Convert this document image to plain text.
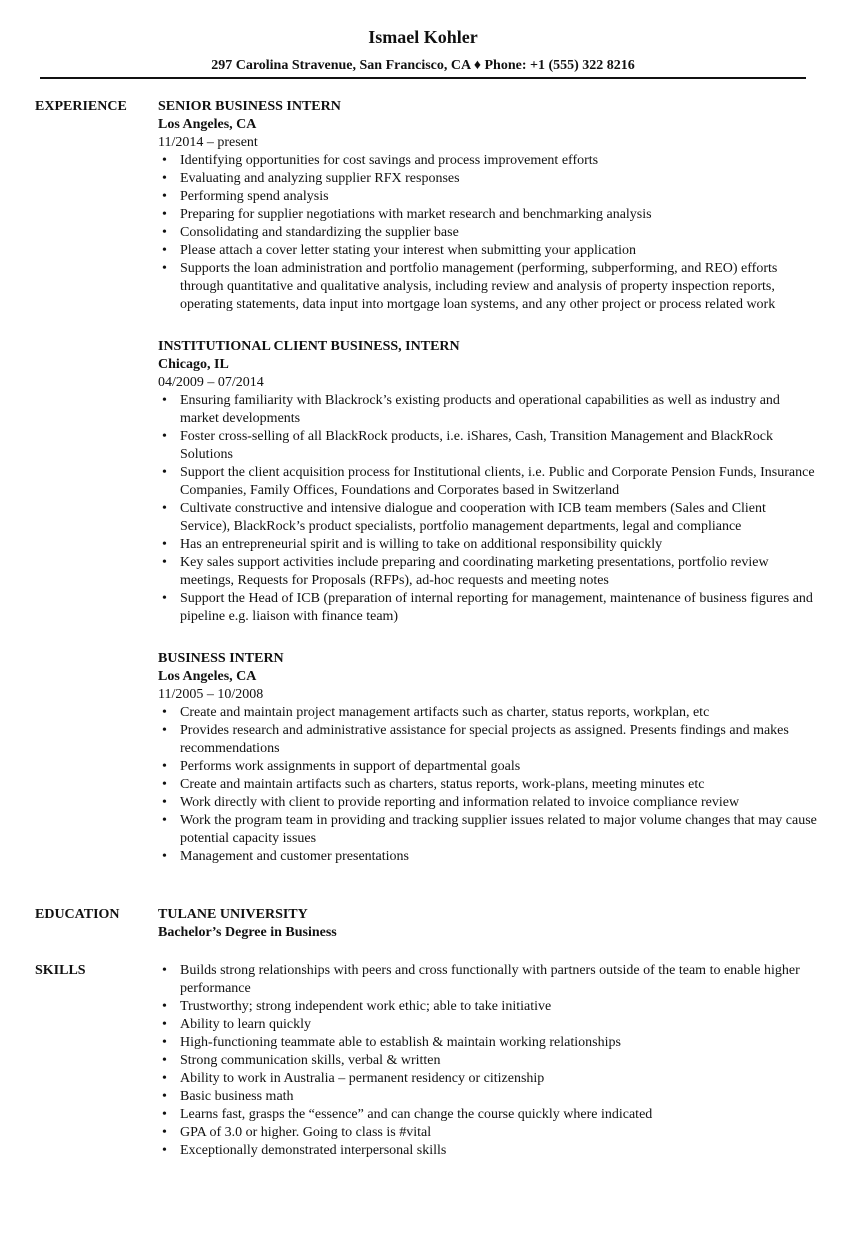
Ismael Kohler
297 Carolina Stravenue, San Francisco, CA ♦ Phone: +1 (555) 322 8216
EXPERIENCE	SENIOR BUSINESS INTERN
Los Angeles, CA
11/2014 – present
• Identifying opportunities for cost savings and process improvement efforts
• Evaluating and analyzing supplier RFX responses
• Performing spend analysis
• Preparing for supplier negotiations with market research and benchmarking analysis
• Consolidating and standardizing the supplier base
• Please attach a cover letter stating your interest when submitting your application
• Supports the loan administration and portfolio management (performing, subperforming, and REO) efforts through quantitative and qualitative analysis, including review and analysis of property inspection reports, operating statements, data input into mortgage loan systems, and any other project or process related work
INSTITUTIONAL CLIENT BUSINESS, INTERN
Chicago, IL
04/2009 – 07/2014
• Ensuring familiarity with Blackrock’s existing products and operational capabilities as well as industry and market developments
• Foster cross-selling of all BlackRock products, i.e. iShares, Cash, Transition Management and BlackRock Solutions
• Support the client acquisition process for Institutional clients, i.e. Public and Corporate Pension Funds, Insurance Companies, Family Offices, Foundations and Corporates based in Switzerland
• Cultivate constructive and intensive dialogue and cooperation with ICB team members (Sales and Client Service), BlackRock’s product specialists, portfolio management departments, legal and compliance
• Has an entrepreneurial spirit and is willing to take on additional responsibility quickly
• Key sales support activities include preparing and coordinating marketing presentations, portfolio review meetings, Requests for Proposals (RFPs), ad-hoc requests and meeting notes
• Support the Head of ICB (preparation of internal reporting for management, maintenance of business figures and pipeline e.g. liaison with finance team)
BUSINESS INTERN
Los Angeles, CA
11/2005 – 10/2008
• Create and maintain project management artifacts such as charter, status reports, workplan, etc
• Provides research and administrative assistance for special projects as assigned. Presents findings and makes recommendations
• Performs work assignments in support of departmental goals
• Create and maintain artifacts such as charters, status reports, work-plans, meeting minutes etc
• Work directly with client to provide reporting and information related to invoice compliance review
• Work the program team in providing and tracking supplier issues related to major volume changes that may cause potential capacity issues
• Management and customer presentations
EDUCATION	TULANE UNIVERSITY
Bachelor’s Degree in Business
SKILLS
•	Builds strong relationships with peers and cross functionally with partners outside of the team to enable higher performance
• Trustworthy; strong independent work ethic; able to take initiative
• Ability to learn quickly
• High-functioning teammate able to establish & maintain working relationships
• Strong communication skills, verbal & written
• Ability to work in Australia – permanent residency or citizenship
• Basic business math
• Learns fast, grasps the “essence” and can change the course quickly where indicated
• GPA of 3.0 or higher. Going to class is #vital
• Exceptionally demonstrated interpersonal skills
